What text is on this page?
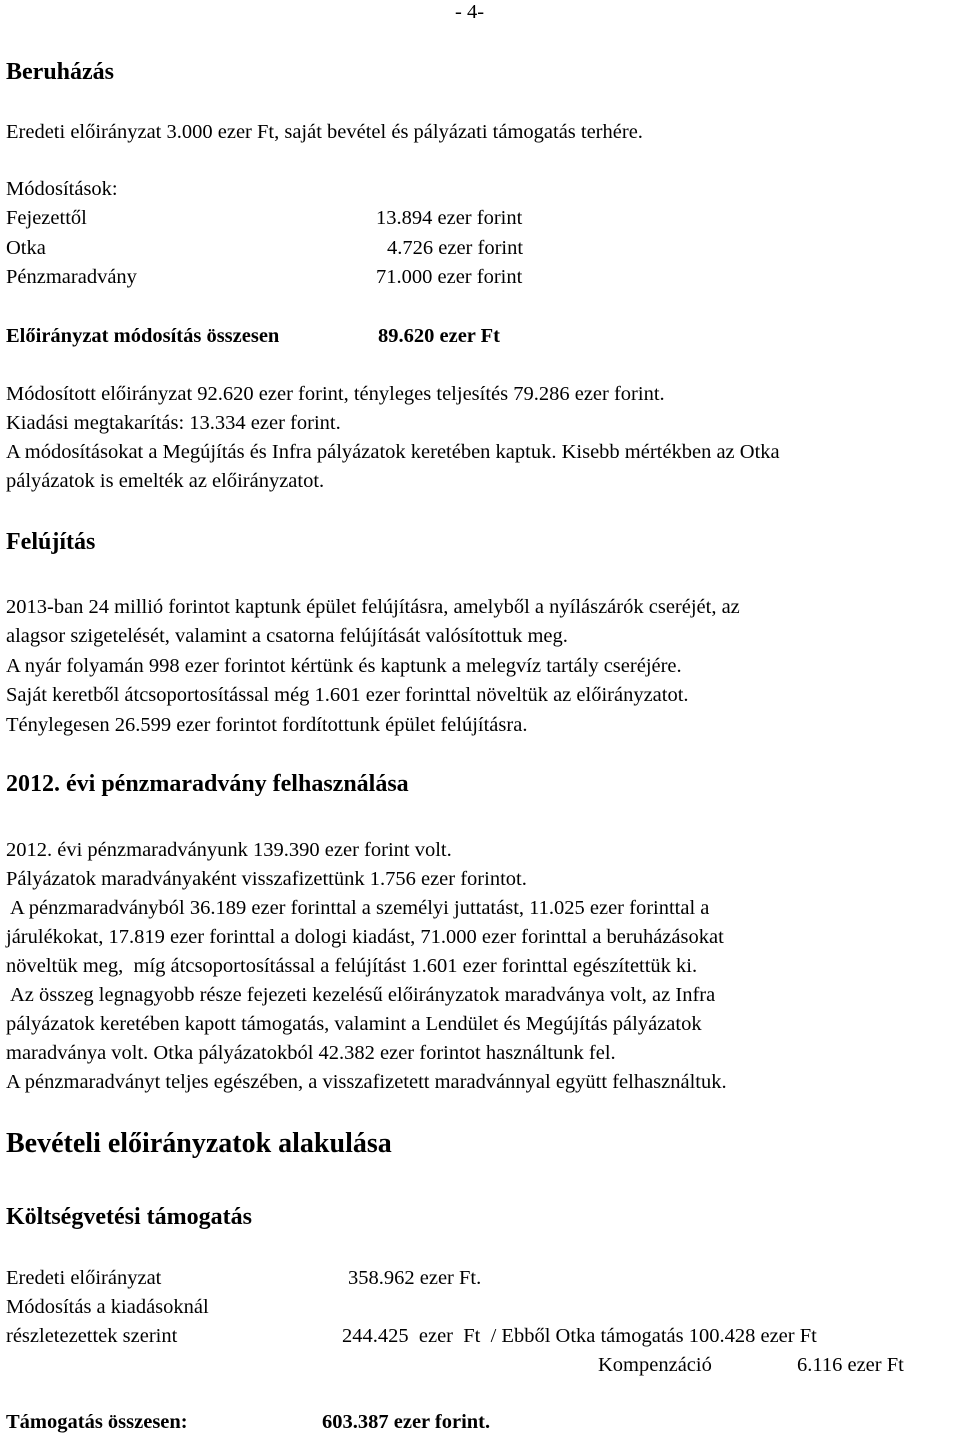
- 4-
Beruházás
Eredeti előirányzat 3.000 ezer Ft, saját bevétel és pályázati támogatás terhére.
Módosítások:
Fejezettől	13.894 ezer forint
Otka	4.726 ezer forint
Pénzmaradvány	71.000 ezer forint
Előirányzat módosítás összesen	89.620 ezer Ft
Módosított előirányzat 92.620 ezer forint, tényleges teljesítés 79.286 ezer forint.
Kiadási megtakarítás: 13.334 ezer forint.
A módosításokat a Megújítás és Infra pályázatok keretében kaptuk. Kisebb mértékben az Otka
pályázatok is emelték az előirányzatot.
Felújítás
2013-ban 24 millió forintot kaptunk épület felújításra, amelyből a nyílászárók cseréjét, az
alagsor szigetelését, valamint a csatorna felújítását valósítottuk meg.
A nyár folyamán 998 ezer forintot kértünk és kaptunk a melegvíz tartály cseréjére.
Saját keretből átcsoportosítással még 1.601 ezer forinttal növeltük az előirányzatot.
Ténylegesen 26.599 ezer forintot fordítottunk épület felújításra.
2012. évi pénzmaradvány felhasználása
2012. évi pénzmaradványunk 139.390 ezer forint volt.
Pályázatok maradványaként visszafizettünk 1.756 ezer forintot.
A pénzmaradványból 36.189 ezer forinttal a személyi juttatást, 11.025 ezer forinttal a
járulékokat, 17.819 ezer forinttal a dologi kiadást, 71.000 ezer forinttal a beruházásokat
növeltük meg,  míg átcsoportosítással a felújítást 1.601 ezer forinttal egészítettük ki.
Az összeg legnagyobb része fejezeti kezelésű előirányzatok maradványa volt, az Infra
pályázatok keretében kapott támogatás, valamint a Lendület és Megújítás pályázatok
maradványa volt. Otka pályázatokból 42.382 ezer forintot használtunk fel.
A pénzmaradványt teljes egészében, a visszafizetett maradvánnyal együtt felhasználtuk.
Bevételi előirányzatok alakulása
Költségvetési támogatás
Eredeti előirányzat	358.962 ezer Ft.
Módosítás a kiadásoknál
részletezettek szerint	244.425  ezer  Ft  / Ebből Otka támogatás 100.428 ezer Ft
Kompenzáció	6.116 ezer Ft
Támogatás összesen:	603.387 ezer forint.
